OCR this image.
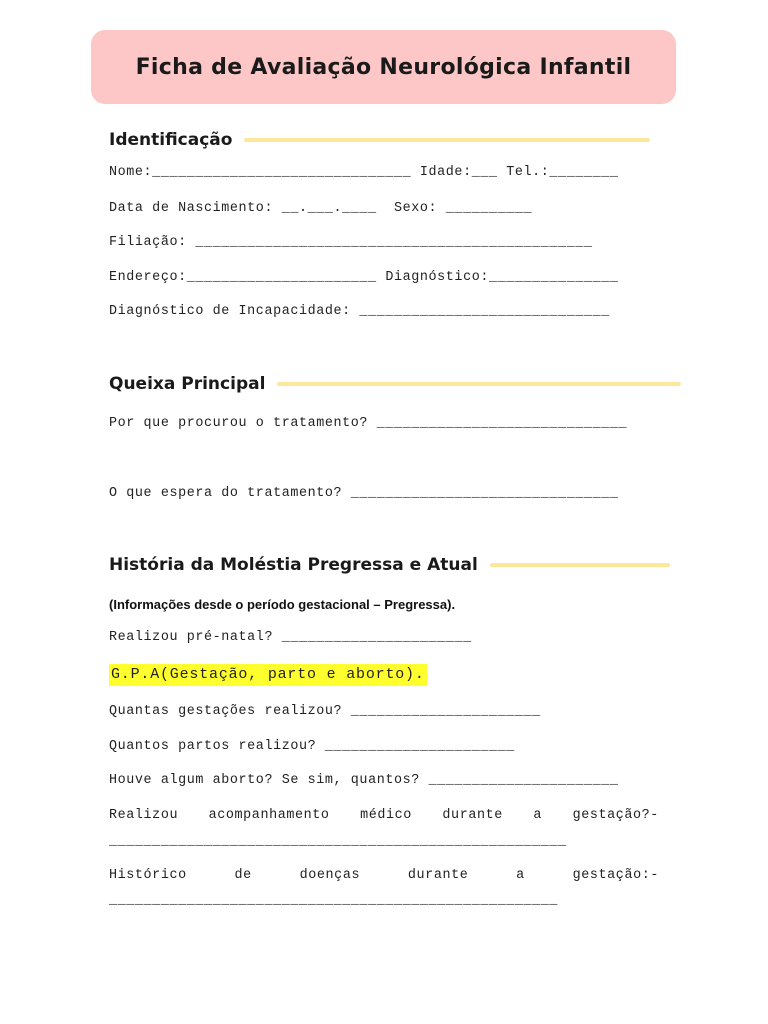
Ficha de Avaliação Neurológica Infantil
Identificação
Nome:______________________________ Idade:___ Tel.:________
Data de Nascimento: __.___.____  Sexo: __________
Filiação: ______________________________________________
Endereço:______________________ Diagnóstico:_______________
Diagnóstico de Incapacidade: _____________________________
Queixa Principal
Por que procurou o tratamento? _____________________________
O que espera do tratamento? _______________________________
História da Moléstia Pregressa e Atual
(Informações desde o período gestacional – Pregressa).
Realizou pré-natal? ______________________
G.P.A(Gestação, parto e aborto).
Quantas gestações realizou? ______________________
Quantos partos realizou? ______________________
Houve algum aborto? Se sim, quantos? ______________________
Realizou acompanhamento médico durante a gestação?-
_____________________________________________________
Histórico	de	doenças	durante	a	gestação:-
____________________________________________________
